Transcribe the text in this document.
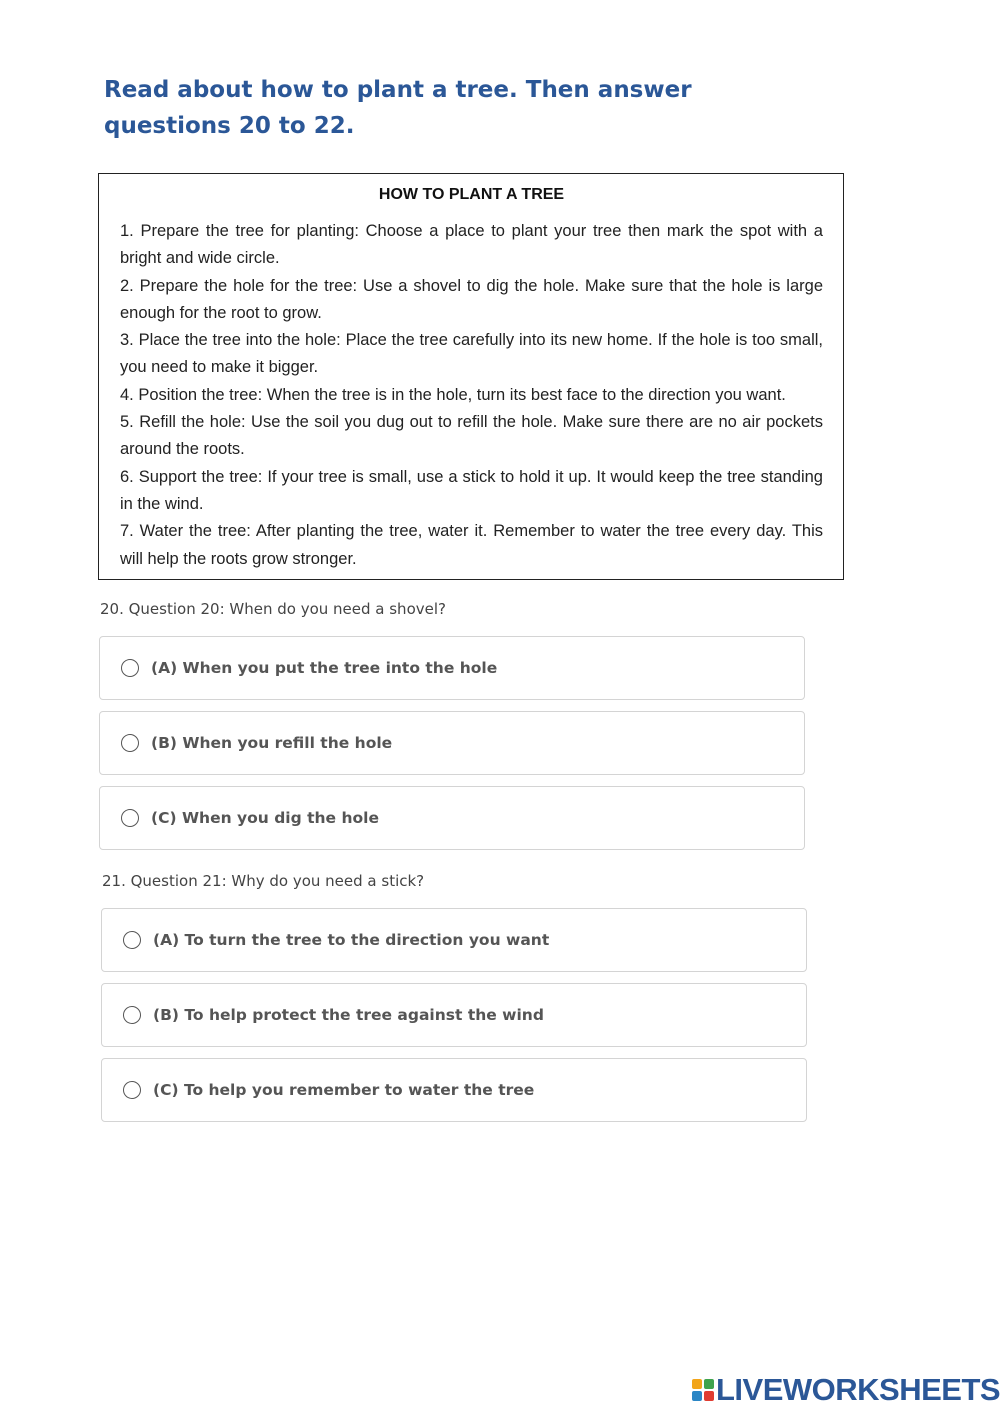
Read about how to plant a tree. Then answer questions 20 to 22.

HOW TO PLANT A TREE

1. Prepare the tree for planting: Choose a place to plant your tree then mark the spot with a bright and wide circle.

2. Prepare the hole for the tree: Use a shovel to dig the hole. Make sure that the hole is large enough for the root to grow.

3. Place the tree into the hole: Place the tree carefully into its new home. If the hole is too small, you need to make it bigger.

4. Position the tree: When the tree is in the hole, turn its best face to the direction you want.

5. Refill the hole: Use the soil you dug out to refill the hole. Make sure there are no air pockets around the roots.

6. Support the tree: If your tree is small, use a stick to hold it up. It would keep the tree standing in the wind.

7. Water the tree: After planting the tree, water it. Remember to water the tree every day. This will help the roots grow stronger.

20. Question 20: When do you need a shovel?

(A) When you put the tree into the hole
(B) When you refill the hole
(C) When you dig the hole

21. Question 21: Why do you need a stick?

(A) To turn the tree to the direction you want
(B) To help protect the tree against the wind
(C) To help you remember to water the tree
LIVEWORKSHEETS
